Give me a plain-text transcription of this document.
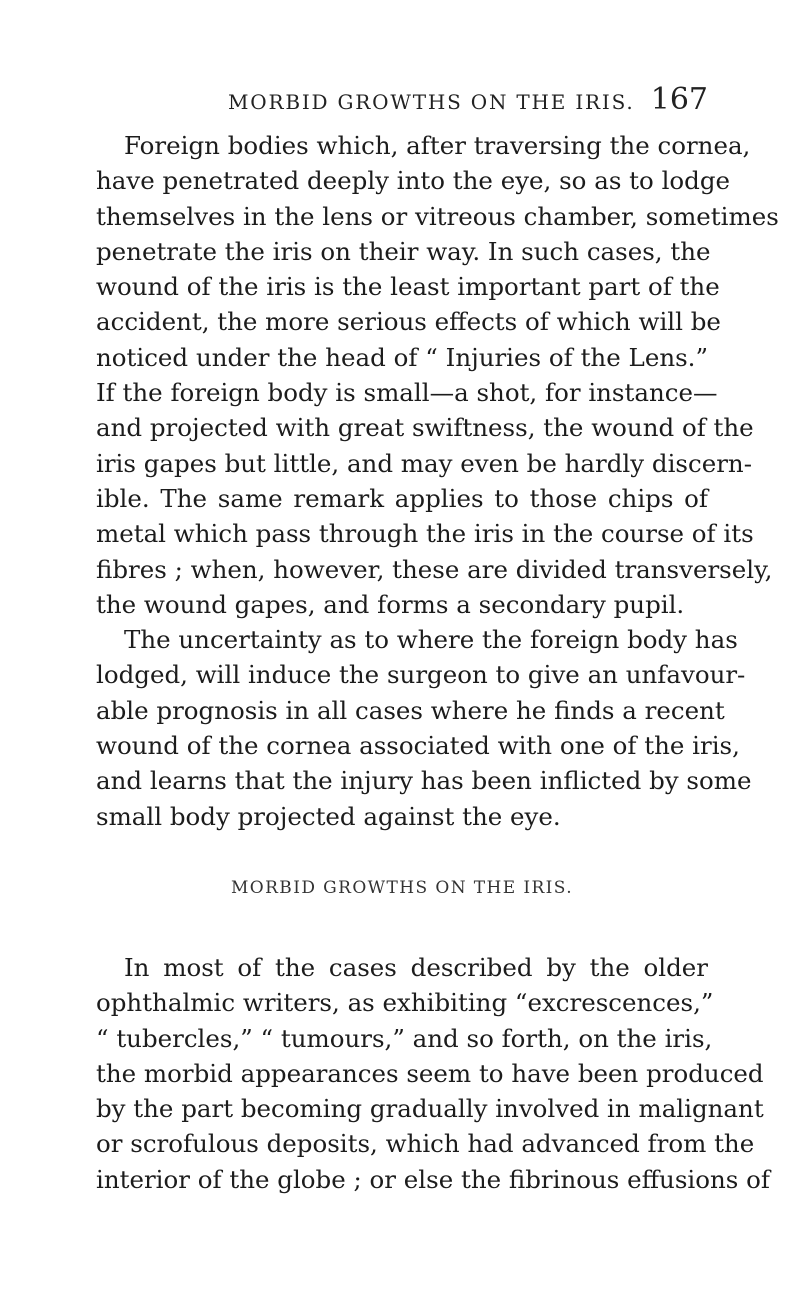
MORBID GROWTHS ON THE IRIS. 167
Foreign bodies which, after traversing the cornea,
have penetrated deeply into the eye, so as to lodge
themselves in the lens or vitreous chamber, sometimes
penetrate the iris on their way. In such cases, the
wound of the iris is the least important part of the
accident, the more serious effects of which will be
noticed under the head of “ Injuries of the Lens.”
If the foreign body is small—a shot, for instance—
and projected with great swiftness, the wound of the
iris gapes but little, and may even be hardly discern-
ible. The same remark applies to those chips of
metal which pass through the iris in the course of its
fibres ; when, however, these are divided transversely,
the wound gapes, and forms a secondary pupil.
The uncertainty as to where the foreign body has
lodged, will induce the surgeon to give an unfavour-
able prognosis in all cases where he finds a recent
wound of the cornea associated with one of the iris,
and learns that the injury has been inflicted by some
small body projected against the eye.
MORBID GROWTHS ON THE IRIS.
In most of the cases described by the older
ophthalmic writers, as exhibiting “excrescences,”
“ tubercles,” “ tumours,” and so forth, on the iris,
the morbid appearances seem to have been produced
by the part becoming gradually involved in malignant
or scrofulous deposits, which had advanced from the
interior of the globe ; or else the fibrinous effusions of
